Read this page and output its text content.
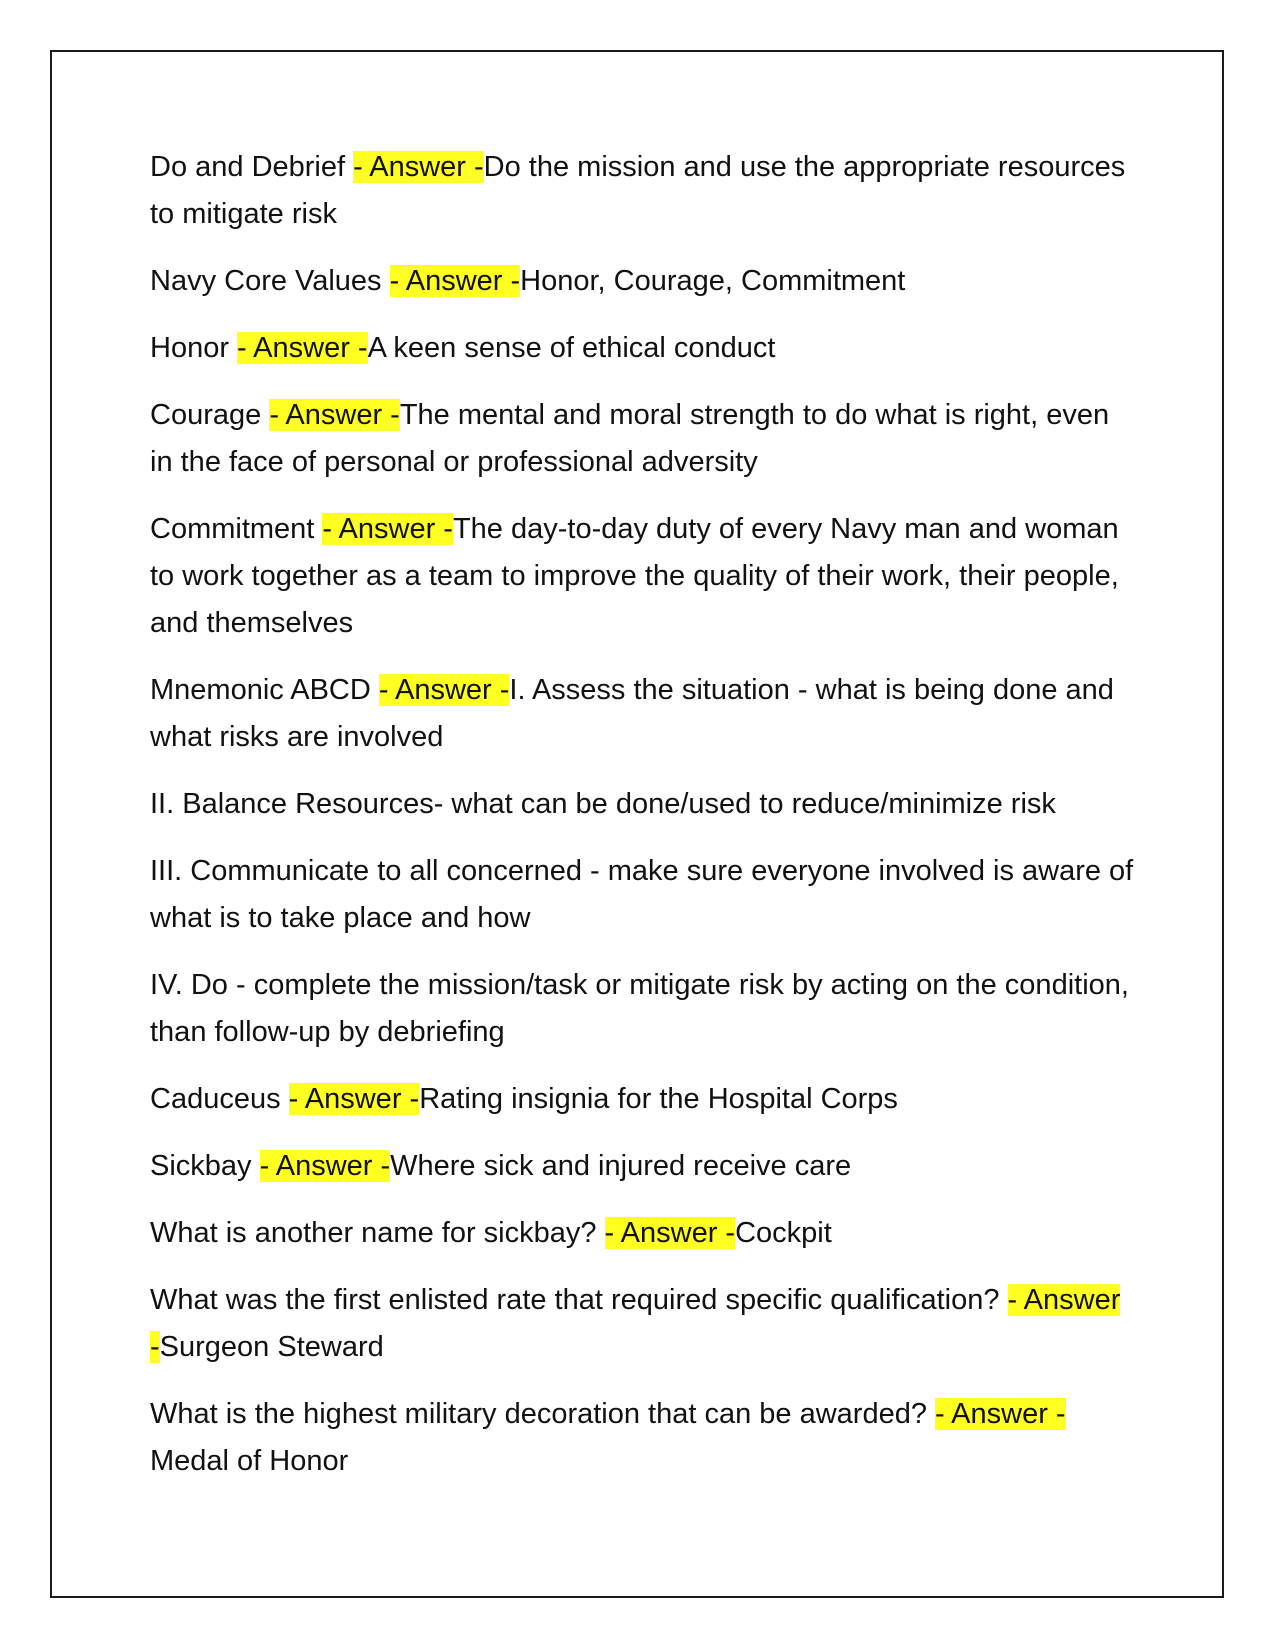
Do and Debrief - Answer -Do the mission and use the appropriate resources to mitigate risk

Navy Core Values - Answer -Honor, Courage, Commitment

Honor - Answer -A keen sense of ethical conduct

Courage - Answer -The mental and moral strength to do what is right, even in the face of personal or professional adversity

Commitment - Answer -The day-to-day duty of every Navy man and woman to work together as a team to improve the quality of their work, their people, and themselves

Mnemonic ABCD - Answer -I. Assess the situation - what is being done and what risks are involved

II. Balance Resources- what can be done/used to reduce/minimize risk

III. Communicate to all concerned - make sure everyone involved is aware of what is to take place and how

IV. Do - complete the mission/task or mitigate risk by acting on the condition, than follow-up by debriefing

Caduceus - Answer -Rating insignia for the Hospital Corps

Sickbay - Answer -Where sick and injured receive care

What is another name for sickbay? - Answer -Cockpit

What was the first enlisted rate that required specific qualification? - Answer -Surgeon Steward

What is the highest military decoration that can be awarded? - Answer -Medal of Honor
